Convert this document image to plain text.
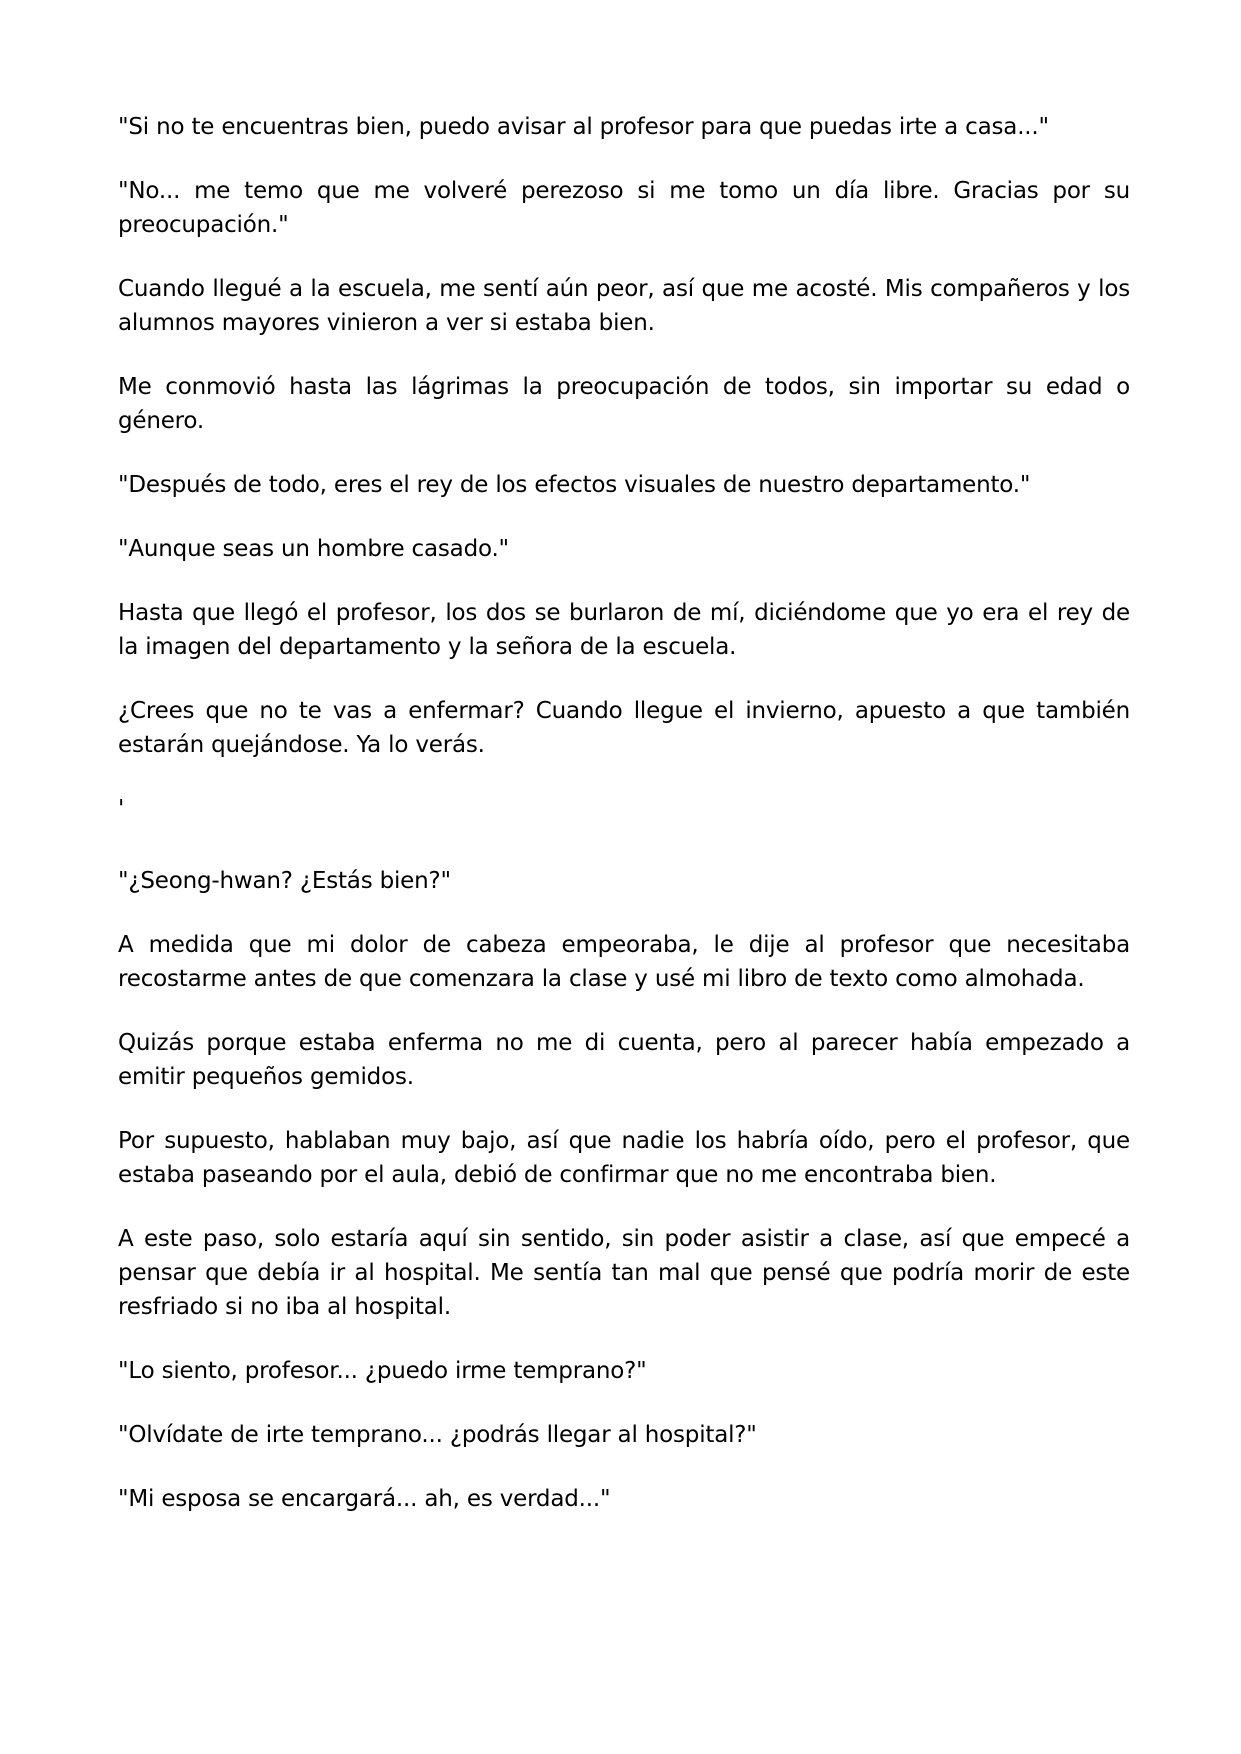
"Si no te encuentras bien, puedo avisar al profesor para que puedas irte a casa..."

"No... me temo que me volveré perezoso si me tomo un día libre. Gracias por su preocupación."

Cuando llegué a la escuela, me sentí aún peor, así que me acosté. Mis compañeros y los alumnos mayores vinieron a ver si estaba bien.

Me conmovió hasta las lágrimas la preocupación de todos, sin importar su edad o género.

"Después de todo, eres el rey de los efectos visuales de nuestro departamento."

"Aunque seas un hombre casado."

Hasta que llegó el profesor, los dos se burlaron de mí, diciéndome que yo era el rey de la imagen del departamento y la señora de la escuela.

¿Crees que no te vas a enfermar? Cuando llegue el invierno, apuesto a que también estarán quejándose. Ya lo verás.

'

"¿Seong-hwan? ¿Estás bien?"

A medida que mi dolor de cabeza empeoraba, le dije al profesor que necesitaba recostarme antes de que comenzara la clase y usé mi libro de texto como almohada.

Quizás porque estaba enferma no me di cuenta, pero al parecer había empezado a emitir pequeños gemidos.

Por supuesto, hablaban muy bajo, así que nadie los habría oído, pero el profesor, que estaba paseando por el aula, debió de confirmar que no me encontraba bien.

A este paso, solo estaría aquí sin sentido, sin poder asistir a clase, así que empecé a pensar que debía ir al hospital. Me sentía tan mal que pensé que podría morir de este resfriado si no iba al hospital.

"Lo siento, profesor... ¿puedo irme temprano?"

"Olvídate de irte temprano... ¿podrás llegar al hospital?"

"Mi esposa se encargará... ah, es verdad..."
